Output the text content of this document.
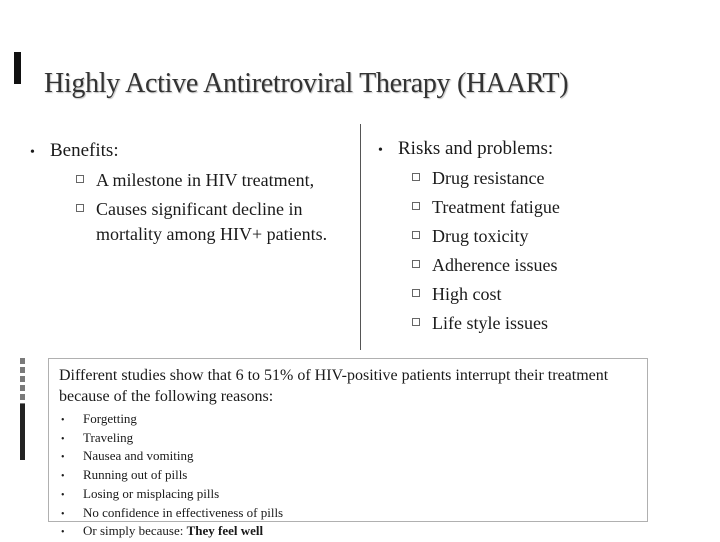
Highly Active Antiretroviral Therapy (HAART)
• Benefits:
A milestone in HIV treatment,
Causes significant decline in mortality among HIV+ patients.
• Risks and problems:
Drug resistance
Treatment fatigue
Drug toxicity
Adherence issues
High cost
Life style issues

Different studies show that 6 to 51% of HIV-positive patients interrupt their treatment because of the following reasons:

•	Forgetting
•	Traveling
•	Nausea and vomiting
•	Running out of pills
•	Losing or misplacing pills
•	No confidence in effectiveness of pills
•	Or simply because: They feel well
